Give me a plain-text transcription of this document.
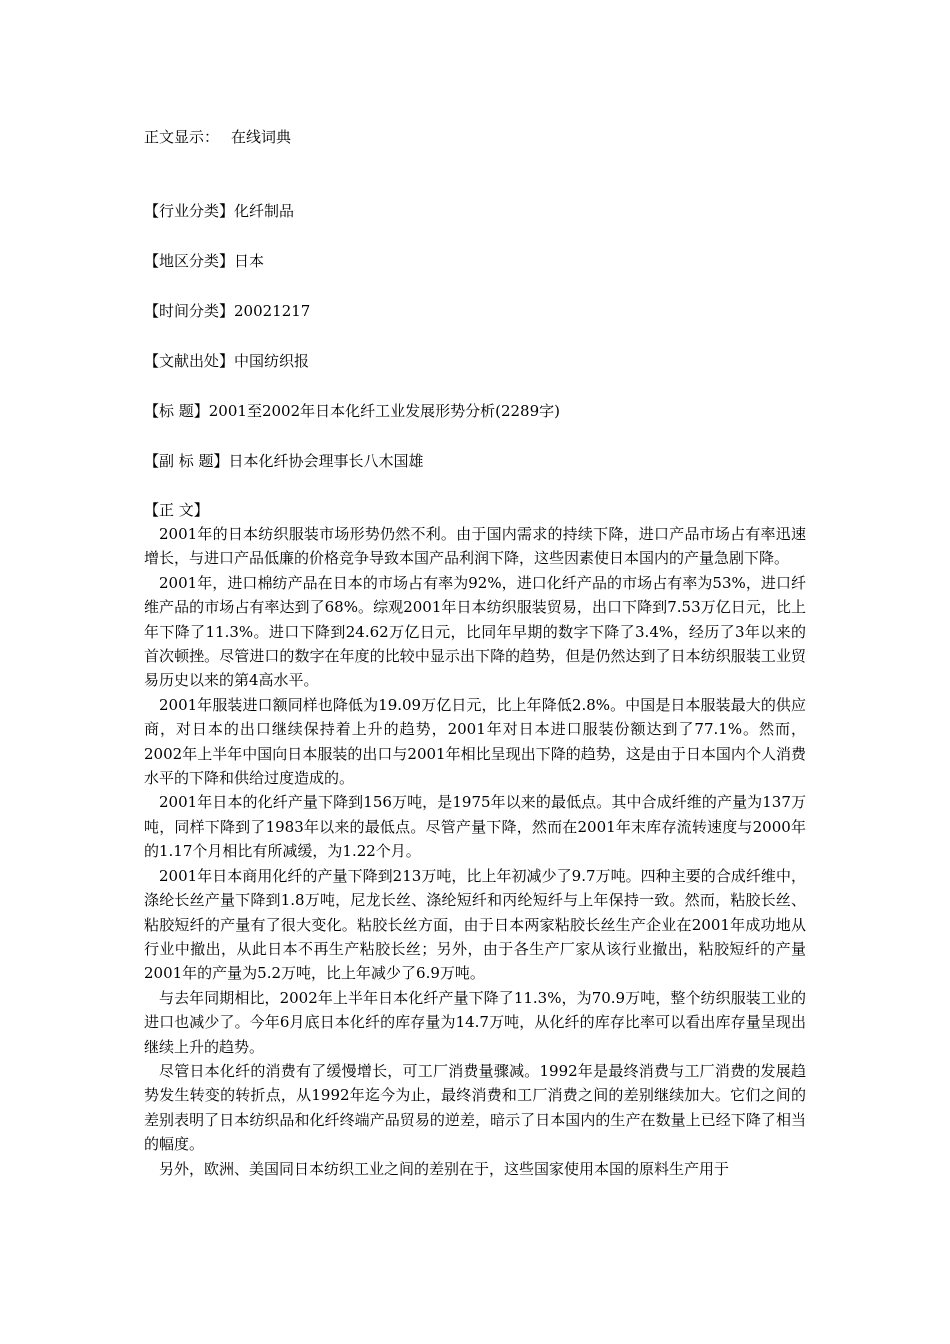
正文显示： 在线词典
【行业分类】化纤制品
【地区分类】日本
【时间分类】20021217
【文献出处】中国纺织报
【标 题】2001至2002年日本化纤工业发展形势分析(2289字)
【副 标 题】日本化纤协会理事长八木国雄
【正 文】

2001年的日本纺织服装市场形势仍然不利。由于国内需求的持续下降，进口产品市场占有率迅速增长，与进口产品低廉的价格竞争导致本国产品利润下降，这些因素使日本国内的产量急剧下降。

2001年，进口棉纺产品在日本的市场占有率为92%，进口化纤产品的市场占有率为53%，进口纤维产品的市场占有率达到了68%。综观2001年日本纺织服装贸易，出口下降到7.53万亿日元，比上年下降了11.3%。进口下降到24.62万亿日元，比同年早期的数字下降了3.4%，经历了3年以来的首次顿挫。尽管进口的数字在年度的比较中显示出下降的趋势，但是仍然达到了日本纺织服装工业贸易历史以来的第4高水平。

2001年服装进口额同样也降低为19.09万亿日元，比上年降低2.8%。中国是日本服装最大的供应商，对日本的出口继续保持着上升的趋势，2001年对日本进口服装份额达到了77.1%。然而，2002年上半年中国向日本服装的出口与2001年相比呈现出下降的趋势，这是由于日本国内个人消费水平的下降和供给过度造成的。

2001年日本的化纤产量下降到156万吨，是1975年以来的最低点。其中合成纤维的产量为137万吨，同样下降到了1983年以来的最低点。尽管产量下降，然而在2001年末库存流转速度与2000年的1.17个月相比有所减缓，为1.22个月。

2001年日本商用化纤的产量下降到213万吨，比上年初减少了9.7万吨。四种主要的合成纤维中，涤纶长丝产量下降到1.8万吨，尼龙长丝、涤纶短纤和丙纶短纤与上年保持一致。然而，粘胶长丝、粘胶短纤的产量有了很大变化。粘胶长丝方面，由于日本两家粘胶长丝生产企业在2001年成功地从行业中撤出，从此日本不再生产粘胶长丝；另外，由于各生产厂家从该行业撤出，粘胶短纤的产量2001年的产量为5.2万吨，比上年减少了6.9万吨。

与去年同期相比，2002年上半年日本化纤产量下降了11.3%，为70.9万吨，整个纺织服装工业的进口也减少了。今年6月底日本化纤的库存量为14.7万吨，从化纤的库存比率可以看出库存量呈现出继续上升的趋势。

尽管日本化纤的消费有了缓慢增长，可工厂消费量骤减。1992年是最终消费与工厂消费的发展趋势发生转变的转折点，从1992年迄今为止，最终消费和工厂消费之间的差别继续加大。它们之间的差别表明了日本纺织品和化纤终端产品贸易的逆差，暗示了日本国内的生产在数量上已经下降了相当的幅度。

另外，欧洲、美国同日本纺织工业之间的差别在于，这些国家使用本国的原料生产用于
